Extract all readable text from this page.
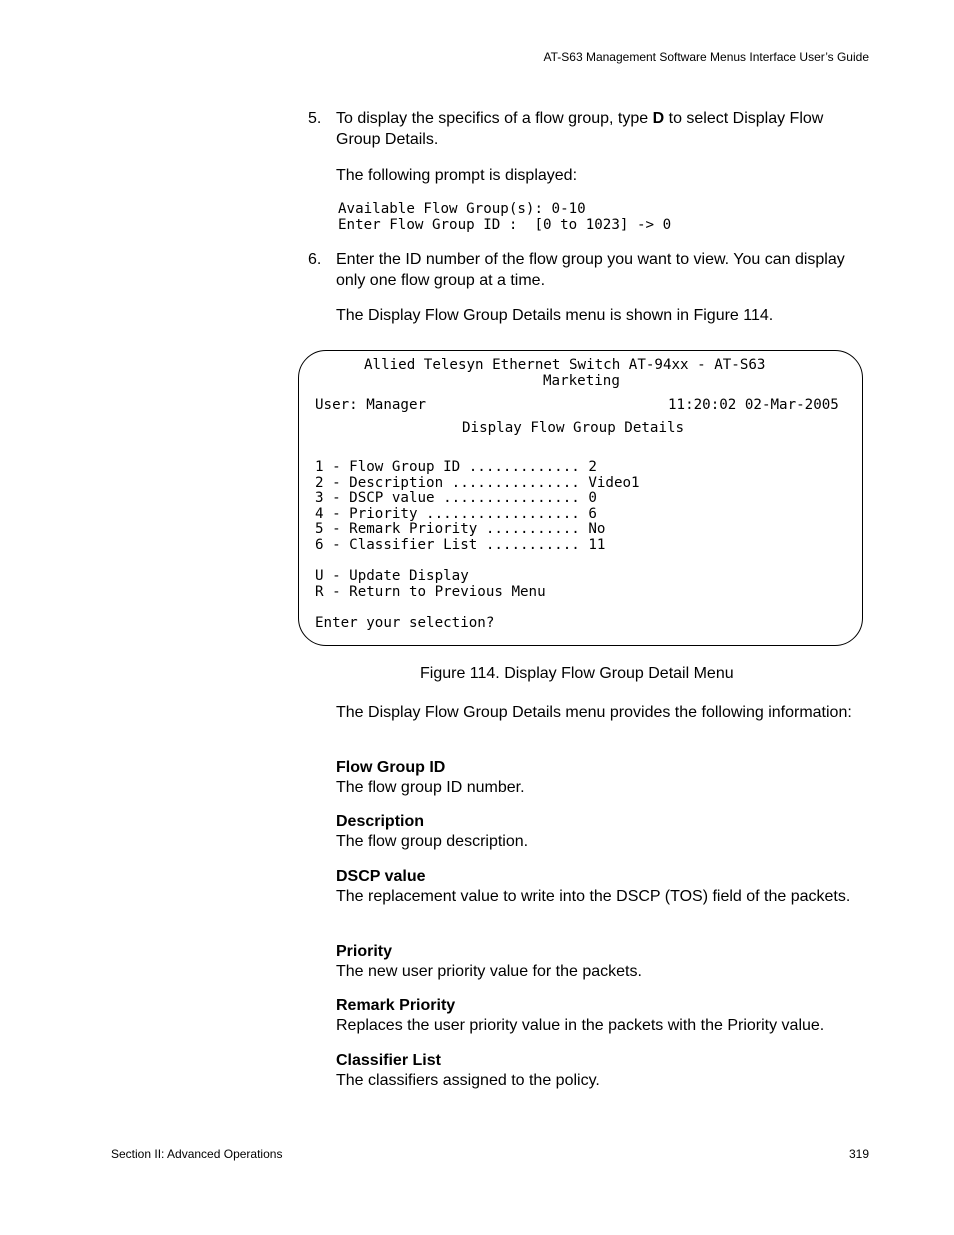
AT-S63 Management Software Menus Interface User’s Guide
5. To display the specifics of a flow group, type D to select Display Flow Group Details.
The following prompt is displayed:
Available Flow Group(s): 0-10
Enter Flow Group ID :  [0 to 1023] -> 0
6. Enter the ID number of the flow group you want to view. You can display only one flow group at a time.
The Display Flow Group Details menu is shown in Figure 114.
Allied Telesyn Ethernet Switch AT-94xx - AT-S63
Marketing
User: Manager	11:20:02 02-Mar-2005
Display Flow Group Details
1 - Flow Group ID ............. 2
2 - Description ............... Video1
3 - DSCP value ................ 0
4 - Priority .................. 6
5 - Remark Priority ........... No
6 - Classifier List ........... 11
U - Update Display
R - Return to Previous Menu
Enter your selection?
Figure 114. Display Flow Group Detail Menu
The Display Flow Group Details menu provides the following information:
Flow Group ID
The flow group ID number.
Description
The flow group description.
DSCP value
The replacement value to write into the DSCP (TOS) field of the packets.
Priority
The new user priority value for the packets.
Remark Priority
Replaces the user priority value in the packets with the Priority value.
Classifier List
The classifiers assigned to the policy.
Section II: Advanced Operations	319
